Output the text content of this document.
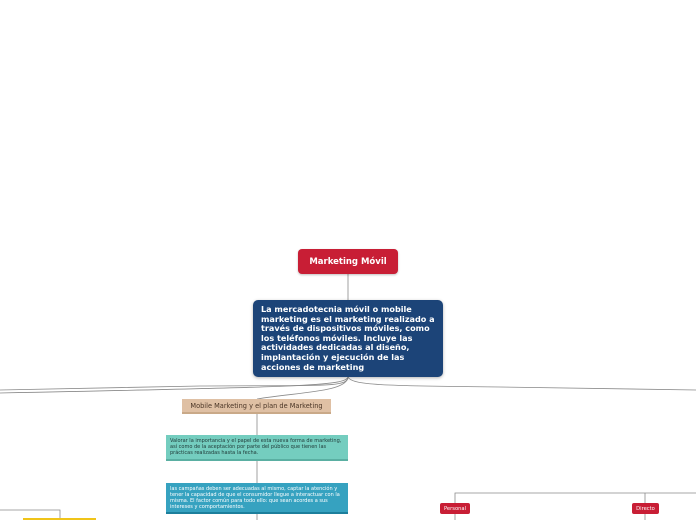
Marketing Móvil
La mercadotecnia móvil o mobile marketing es el marketing realizado a través de dispositivos móviles, como los teléfonos móviles. Incluye las actividades dedicadas al diseño, implantación y ejecución de las acciones de marketing
Mobile Marketing y el plan de Marketing
Valorar la importancia y el papel de esta nueva forma de marketing, así como de la aceptación por parte del público que tienen las prácticas realizadas hasta la fecha.
las campañas deben ser adecuadas al mismo, captar la atención y tener la capacidad de que el consumidor llegue a interactuar con la misma. El factor común para todo ello: que sean acordes a sus intereses y comportamientos.	Personal	Directo
